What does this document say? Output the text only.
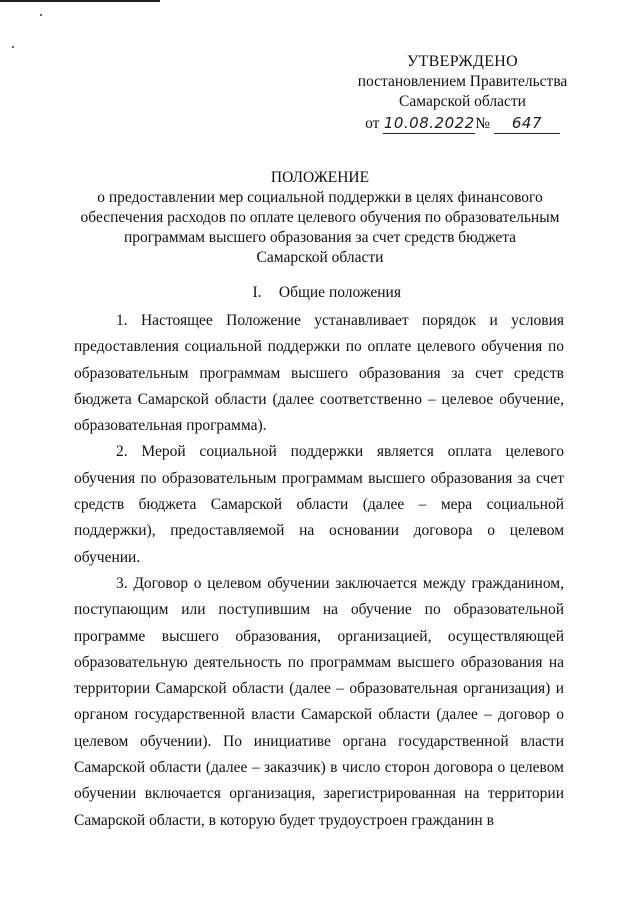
УТВЕРЖДЕНО
постановлением Правительства
Самарской области
от 10.08.2022№ 647
ПОЛОЖЕНИЕ
о предоставлении мер социальной поддержки в целях финансового
обеспечения расходов по оплате целевого обучения по образовательным
программам высшего образования за счет средств бюджета
Самарской области
I. Общие положения

1. Настоящее Положение устанавливает порядок и условия предоставления социальной поддержки по оплате целевого обучения по образовательным программам высшего образования за счет средств бюджета Самарской области (далее соответственно – целевое обучение, образовательная программа).

2. Мерой социальной поддержки является оплата целевого обучения по образовательным программам высшего образования за счет средств бюджета Самарской области (далее – мера социальной поддержки), предоставляемой на основании договора о целевом обучении.

3. Договор о целевом обучении заключается между гражданином, поступающим или поступившим на обучение по образовательной программе высшего образования, организацией, осуществляющей образовательную деятельность по программам высшего образования на территории Самарской области (далее – образовательная организация) и органом государственной власти Самарской области (далее – договор о целевом обучении). По инициативе органа государственной власти Самарской области (далее – заказчик) в число сторон договора о целевом обучении включается организация, зарегистрированная на территории Самарской области, в которую будет трудоустроен гражданин в
